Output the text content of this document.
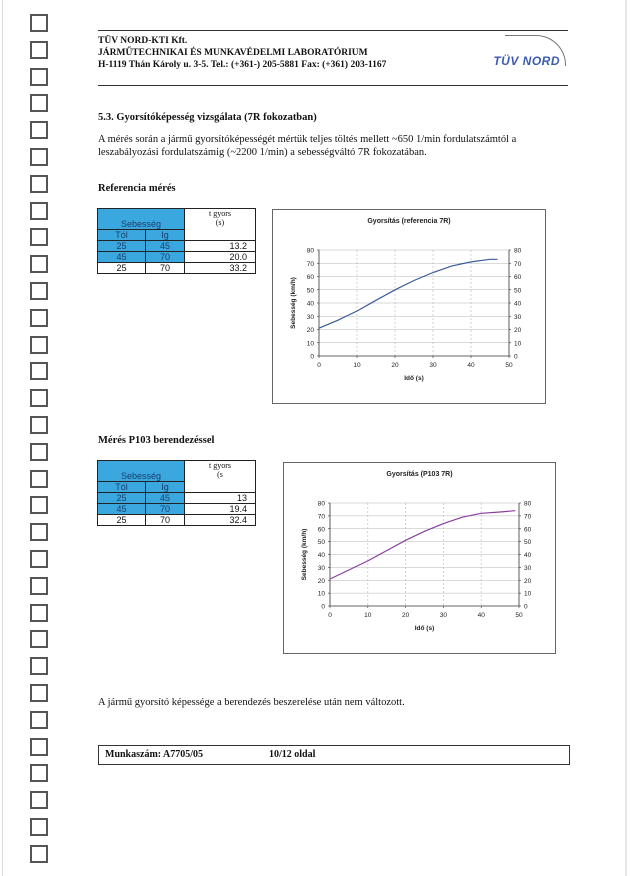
TÜV NORD-KTI Kft.
JÁRMŰTECHNIKAI ÉS MUNKAVÉDELMI LABORATÓRIUM
H-1119 Thán Károly u. 3-5. Tel.: (+361-) 205-5881 Fax: (+361) 203-1167	TÜV NORD
5.3. Gyorsítóképesség vizsgálata (7R fokozatban)
A mérés során a jármű gyorsítóképességét mértük teljes töltés mellett ~650 1/min fordulatszámtól a leszabályozási fordulatszámig (~2200 1/min) a sebességváltó 7R fokozatában.
Referencia mérés
Sebesség		t gyors
(s)

Tól	Ig	
25	45	13.2
45	70	20.0
25	70	33.2
Gyorsítás (referencia 7R)
0	0
10	10
20	20
30	30
40	40
50	50
60	60
70	70
80	80
0	10	20	30	40	50
Idő (s)
Sebesség (km/h)
Mérés P103 berendezéssel
Sebesség		t gyors
(s

Tól	Ig	
25	45	13
45	70	19.4
25	70	32.4
Gyorsítás (P103 7R)
0	0
10	10
20	20
30	30
40	40
50	50
60	60
70	70
80	80
0	10	20	30	40	50
Idő (s)
Sebesség (km/h)
A jármű gyorsító képessége a berendezés beszerelése után nem változott.
Munkaszám: A7705/05	10/12 oldal
